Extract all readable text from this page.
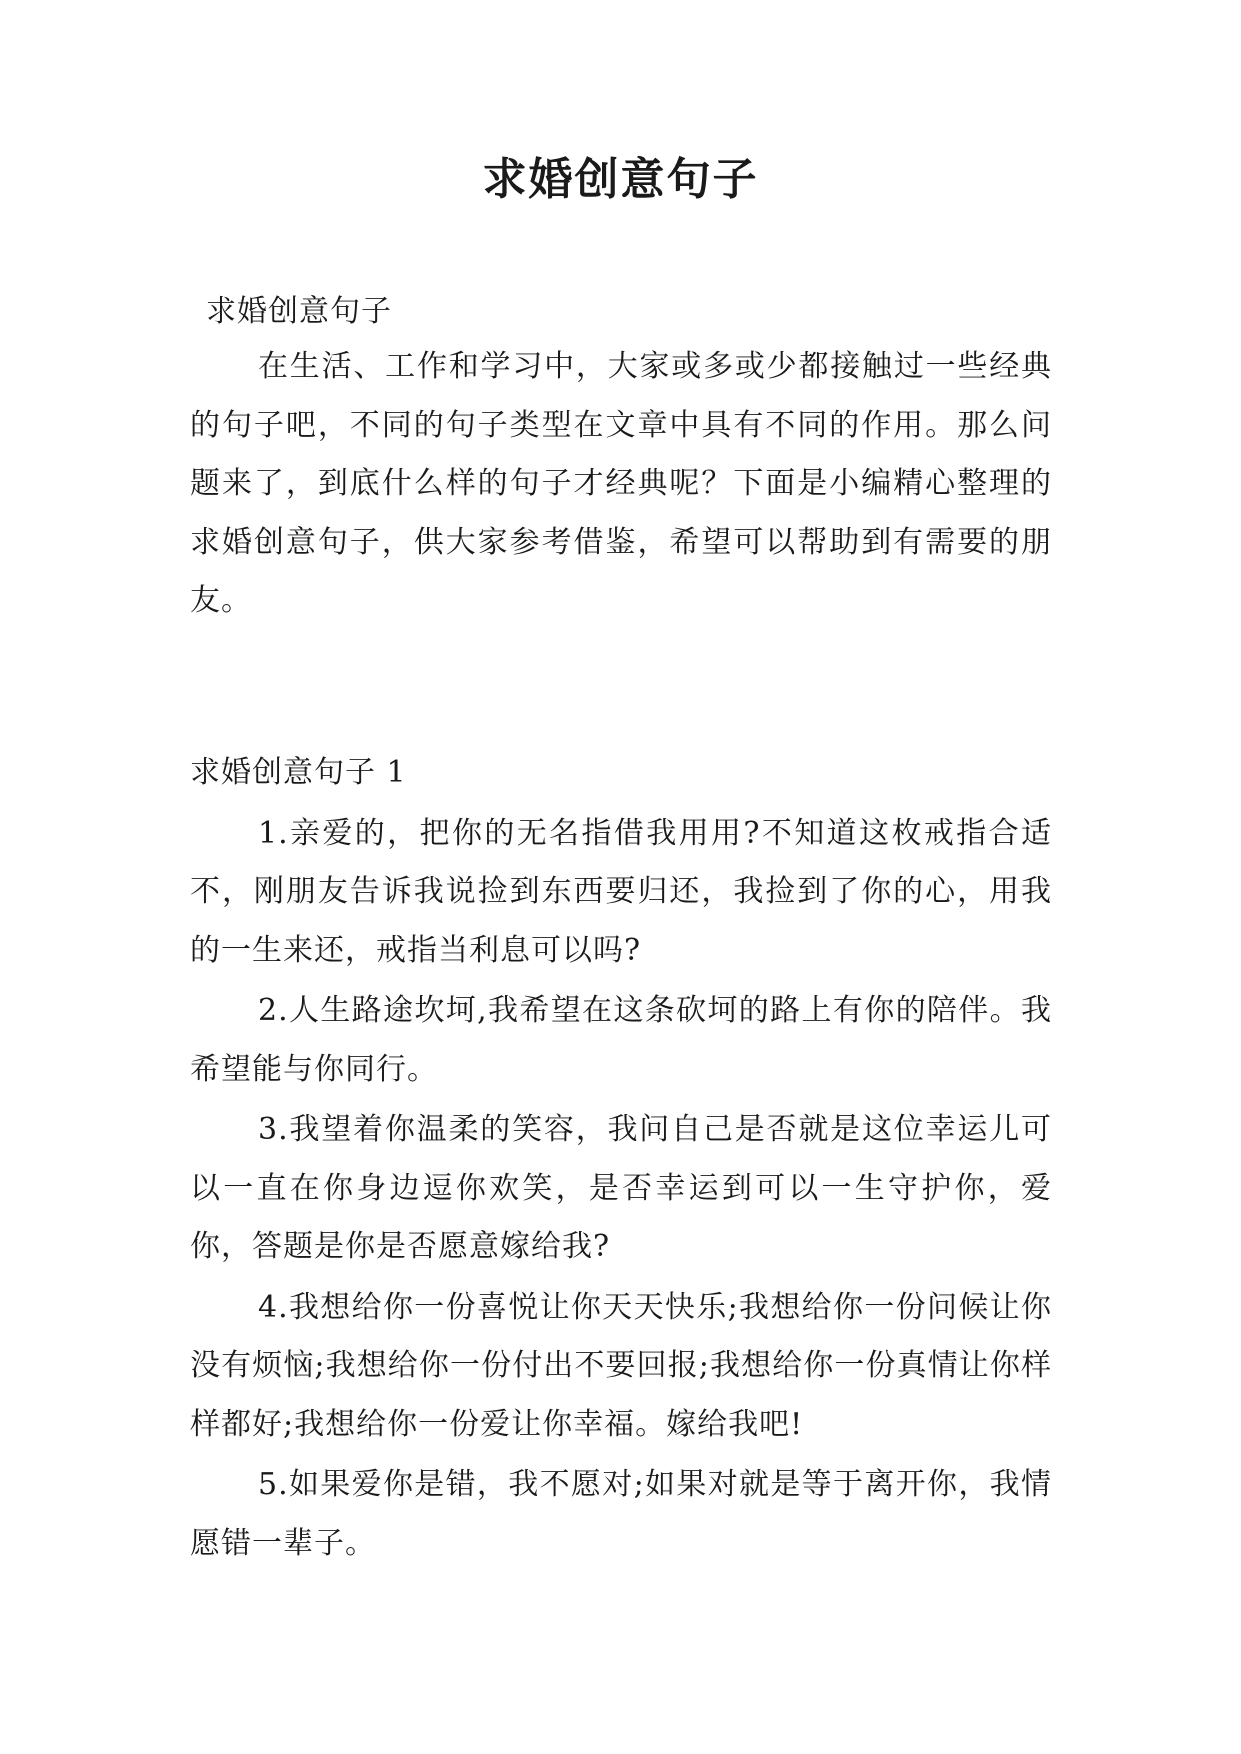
求婚创意句子

求婚创意句子

在生活、工作和学习中，大家或多或少都接触过一些经典的句子吧，不同的句子类型在文章中具有不同的作用。那么问题来了，到底什么样的句子才经典呢？下面是小编精心整理的求婚创意句子，供大家参考借鉴，希望可以帮助到有需要的朋友。

求婚创意句子 1

1.亲爱的，把你的无名指借我用用?不知道这枚戒指合适不，刚朋友告诉我说捡到东西要归还，我捡到了你的心，用我的一生来还，戒指当利息可以吗?

2.人生路途坎坷,我希望在这条砍坷的路上有你的陪伴。我希望能与你同行。

3.我望着你温柔的笑容，我问自己是否就是这位幸运儿可以一直在你身边逗你欢笑，是否幸运到可以一生守护你，爱你，答题是你是否愿意嫁给我?

4.我想给你一份喜悦让你天天快乐;我想给你一份问候让你没有烦恼;我想给你一份付出不要回报;我想给你一份真情让你样样都好;我想给你一份爱让你幸福。嫁给我吧!

5.如果爱你是错，我不愿对;如果对就是等于离开你，我情愿错一辈子。
